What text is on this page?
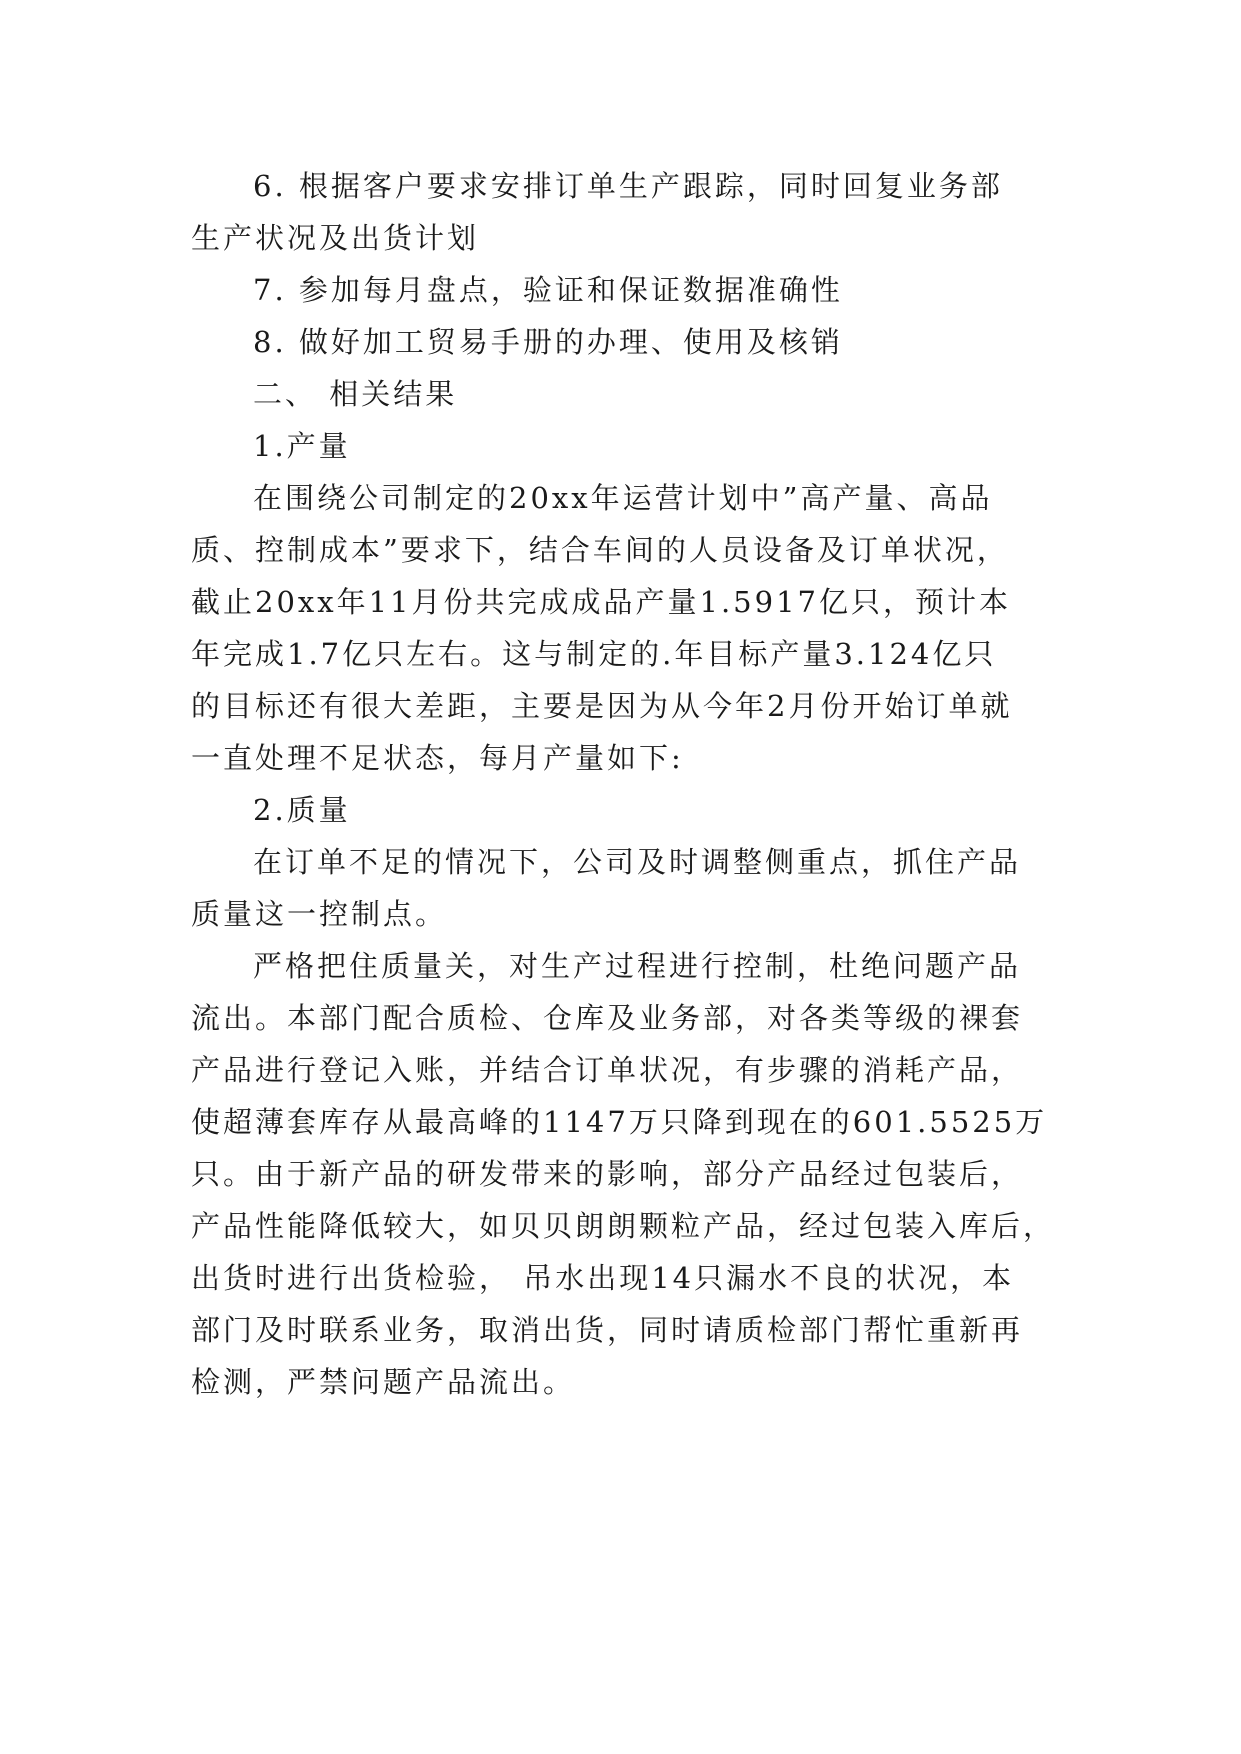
6. 根据客户要求安排订单生产跟踪，同时回复业务部
生产状况及出货计划
7. 参加每月盘点，验证和保证数据准确性
8. 做好加工贸易手册的办理、使用及核销
二、 相关结果
1.产量
在围绕公司制定的20xx年运营计划中”高产量、高品
质、控制成本”要求下，结合车间的人员设备及订单状况，
截止20xx年11月份共完成成品产量1.5917亿只，预计本
年完成1.7亿只左右。这与制定的.年目标产量3.124亿只
的目标还有很大差距，主要是因为从今年2月份开始订单就
一直处理不足状态，每月产量如下:
2.质量
在订单不足的情况下，公司及时调整侧重点，抓住产品
质量这一控制点。
严格把住质量关，对生产过程进行控制，杜绝问题产品
流出。本部门配合质检、仓库及业务部，对各类等级的裸套
产品进行登记入账，并结合订单状况，有步骤的消耗产品，
使超薄套库存从最高峰的1147万只降到现在的601.5525万
只。由于新产品的研发带来的影响，部分产品经过包装后，
产品性能降低较大，如贝贝朗朗颗粒产品，经过包装入库后，
出货时进行出货检验， 吊水出现14只漏水不良的状况，本
部门及时联系业务，取消出货，同时请质检部门帮忙重新再
检测，严禁问题产品流出。
